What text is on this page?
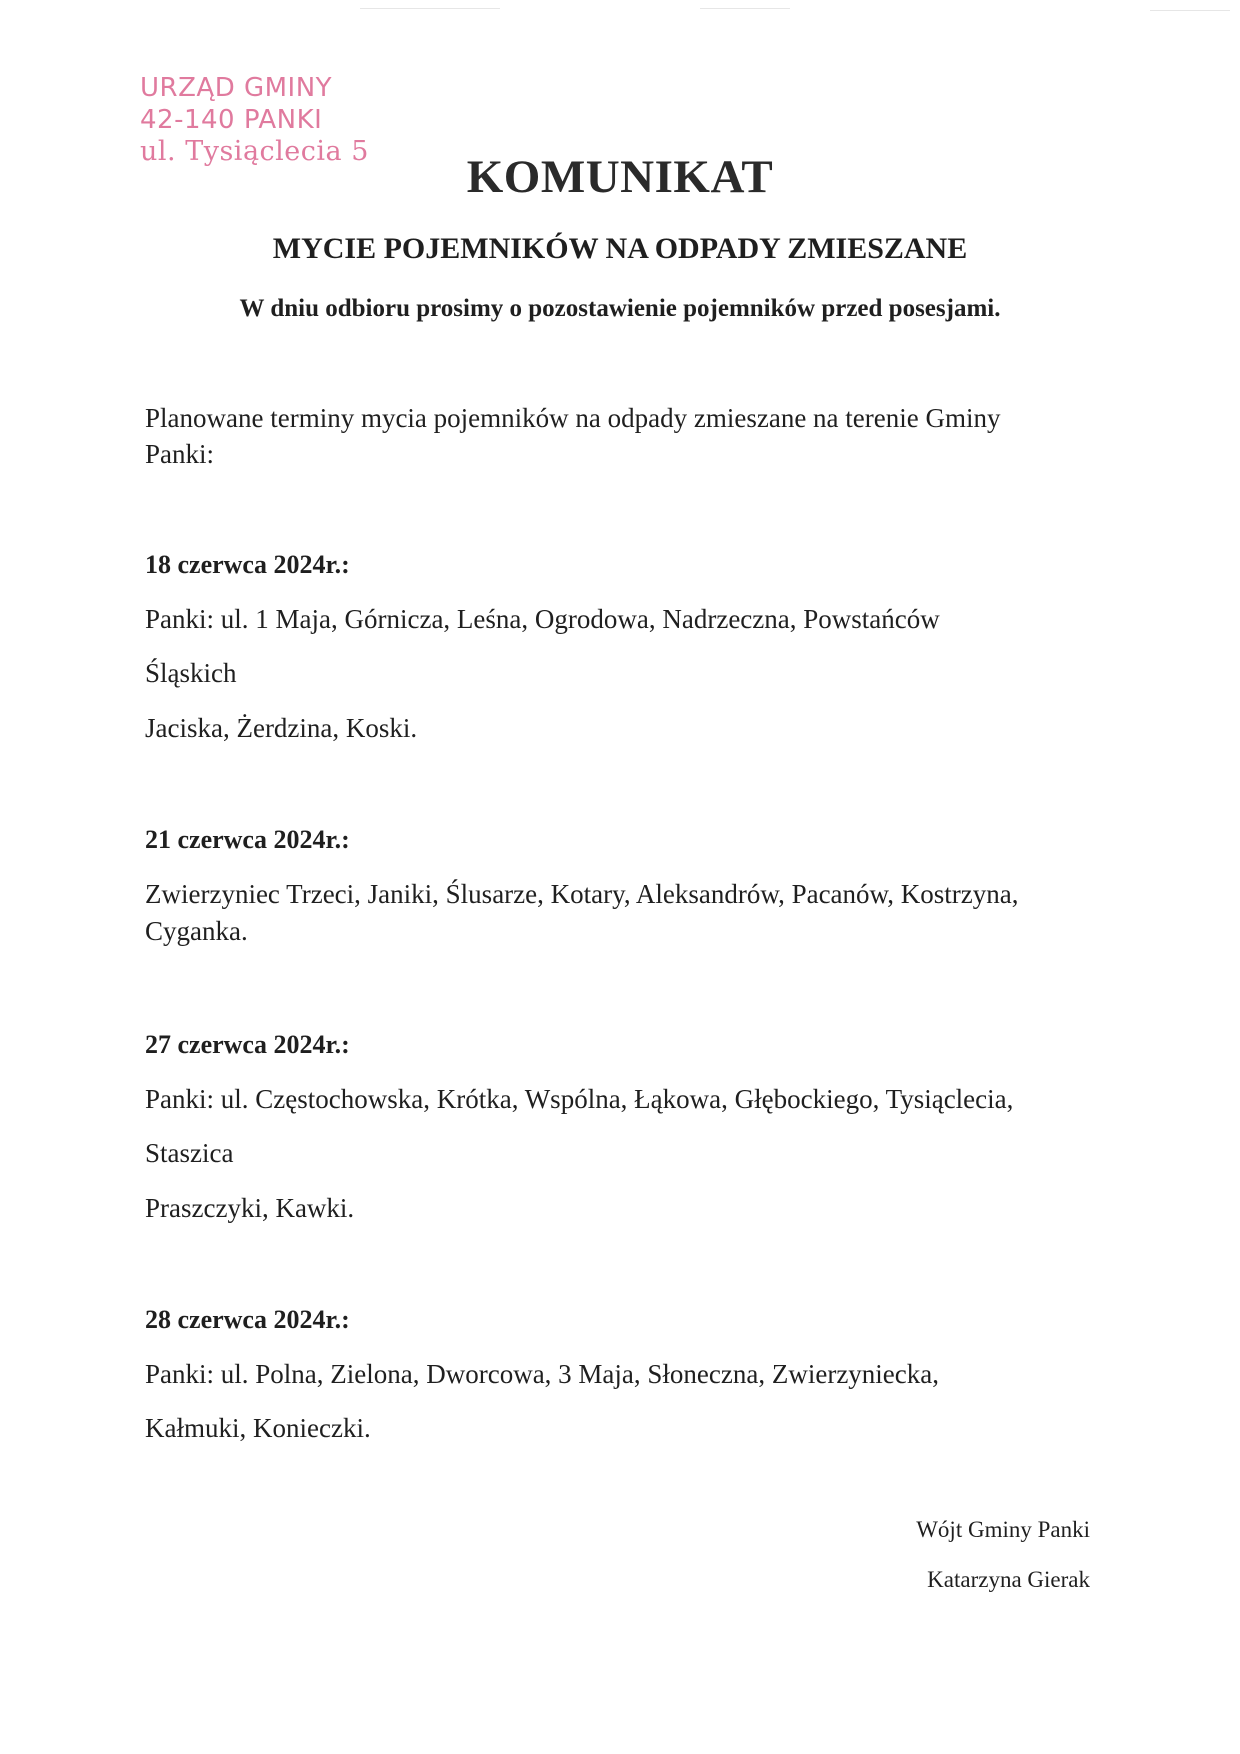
URZĄD GMINY
42-140 PANKI
ul. Tysiąclecia 5	KOMUNIKAT
MYCIE POJEMNIKÓW NA ODPADY ZMIESZANE
W dniu odbioru prosimy o pozostawienie pojemników przed posesjami.
Planowane terminy mycia pojemników na odpady zmieszane na terenie Gminy
Panki:
18 czerwca 2024r.:
Panki: ul. 1 Maja, Górnicza, Leśna, Ogrodowa, Nadrzeczna, Powstańców
Śląskich
Jaciska, Żerdzina, Koski.
21 czerwca 2024r.:
Zwierzyniec Trzeci, Janiki, Ślusarze, Kotary, Aleksandrów, Pacanów, Kostrzyna,
Cyganka.
27 czerwca 2024r.:
Panki: ul. Częstochowska, Krótka, Wspólna, Łąkowa, Głębockiego, Tysiąclecia,
Staszica
Praszczyki, Kawki.
28 czerwca 2024r.:
Panki: ul. Polna, Zielona, Dworcowa, 3 Maja, Słoneczna, Zwierzyniecka,
Kałmuki, Konieczki.
Wójt Gminy Panki
Katarzyna Gierak
